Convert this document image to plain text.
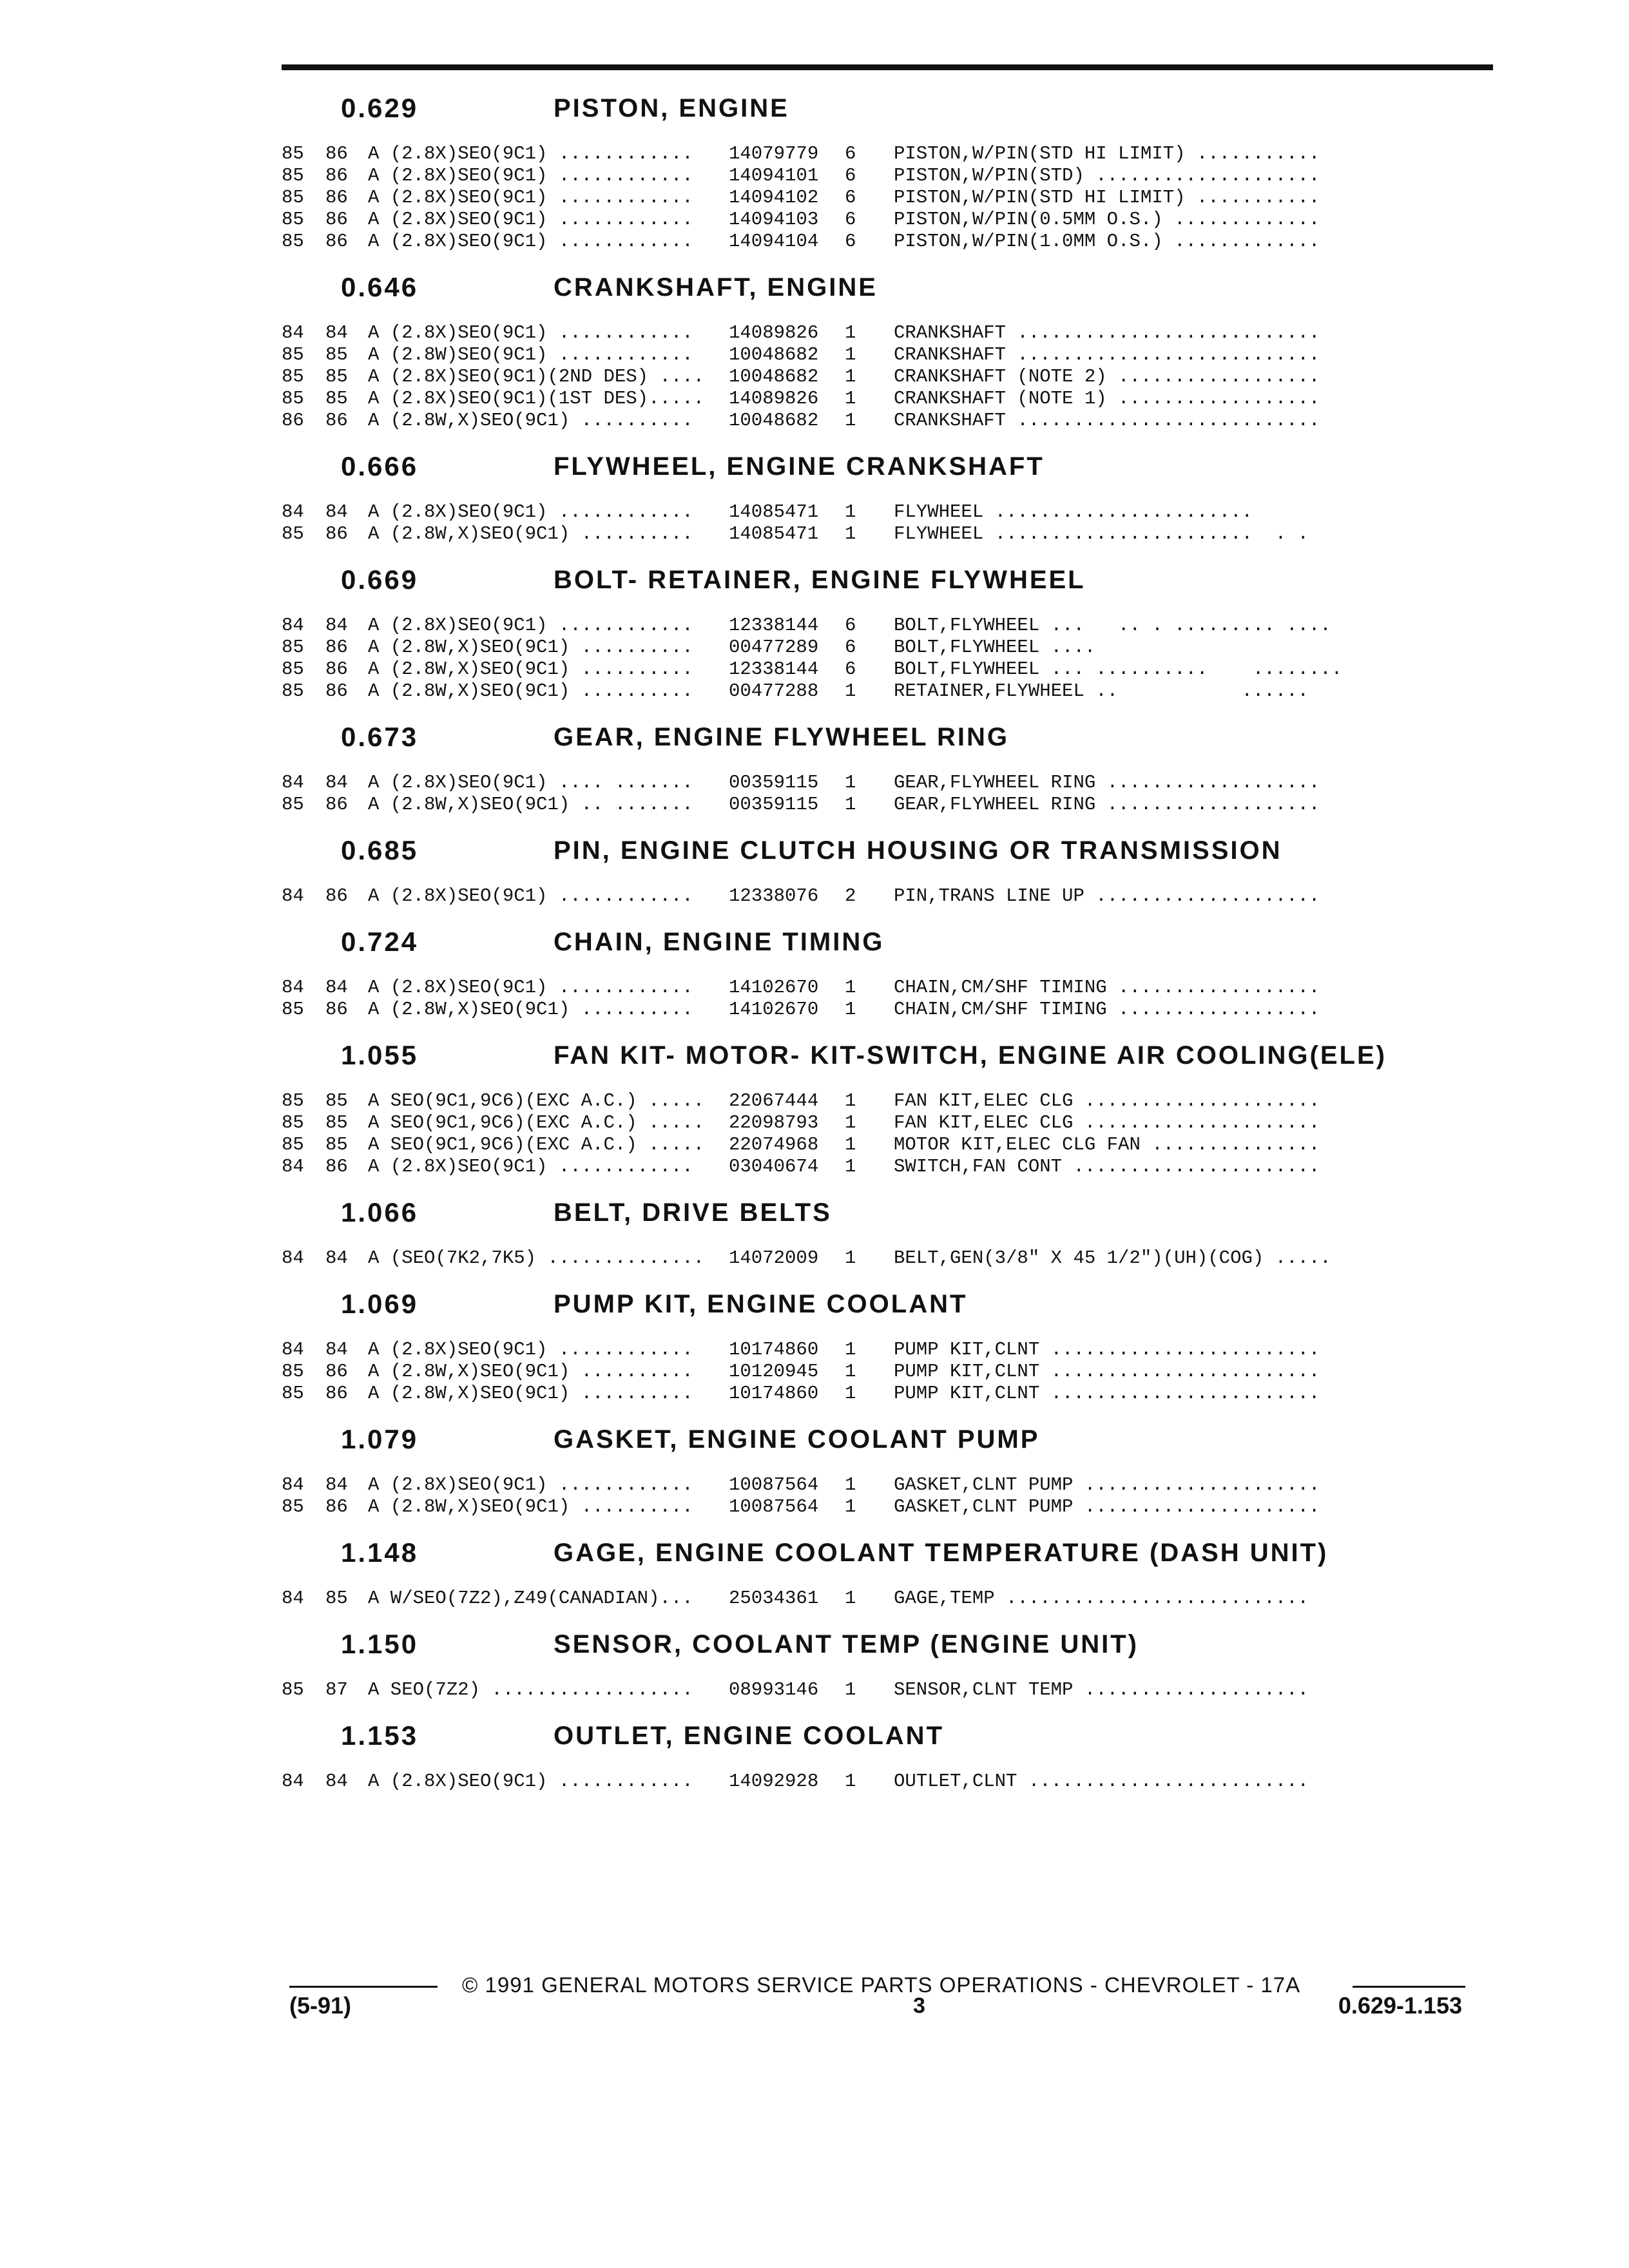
0.629	PISTON, ENGINE
85	86	A (2.8X)SEO(9C1) ............	14079779	6	PISTON,W/PIN(STD HI LIMIT) ...........
85	86	A (2.8X)SEO(9C1) ............	14094101	6	PISTON,W/PIN(STD) ....................
85	86	A (2.8X)SEO(9C1) ............	14094102	6	PISTON,W/PIN(STD HI LIMIT) ...........
85	86	A (2.8X)SEO(9C1) ............	14094103	6	PISTON,W/PIN(0.5MM O.S.) .............
85	86	A (2.8X)SEO(9C1) ............	14094104	6	PISTON,W/PIN(1.0MM O.S.) .............
0.646	CRANKSHAFT, ENGINE
84	84	A (2.8X)SEO(9C1) ............	14089826	1	CRANKSHAFT ...........................
85	85	A (2.8W)SEO(9C1) ............	10048682	1	CRANKSHAFT ...........................
85	85	A (2.8X)SEO(9C1)(2ND DES) ....	10048682	1	CRANKSHAFT (NOTE 2) ..................
85	85	A (2.8X)SEO(9C1)(1ST DES).....	14089826	1	CRANKSHAFT (NOTE 1) ..................
86	86	A (2.8W,X)SEO(9C1) ..........	10048682	1	CRANKSHAFT ...........................
0.666	FLYWHEEL, ENGINE CRANKSHAFT
84	84	A (2.8X)SEO(9C1) ............	14085471	1	FLYWHEEL .......................
85	86	A (2.8W,X)SEO(9C1) ..........	14085471	1	FLYWHEEL .......................  . .
0.669	BOLT- RETAINER, ENGINE FLYWHEEL
84	84	A (2.8X)SEO(9C1) ............	12338144	6	BOLT,FLYWHEEL ...   .. . ......... ....
85	86	A (2.8W,X)SEO(9C1) ..........	00477289	6	BOLT,FLYWHEEL ....
85	86	A (2.8W,X)SEO(9C1) ..........	12338144	6	BOLT,FLYWHEEL ... ..........    ........
85	86	A (2.8W,X)SEO(9C1) ..........	00477288	1	RETAINER,FLYWHEEL ..           ......
0.673	GEAR, ENGINE FLYWHEEL RING
84	84	A (2.8X)SEO(9C1) .... .......	00359115	1	GEAR,FLYWHEEL RING ...................
85	86	A (2.8W,X)SEO(9C1) .. .......	00359115	1	GEAR,FLYWHEEL RING ...................
0.685	PIN, ENGINE CLUTCH HOUSING OR TRANSMISSION
84	86	A (2.8X)SEO(9C1) ............	12338076	2	PIN,TRANS LINE UP ....................
0.724	CHAIN, ENGINE TIMING
84	84	A (2.8X)SEO(9C1) ............	14102670	1	CHAIN,CM/SHF TIMING ..................
85	86	A (2.8W,X)SEO(9C1) ..........	14102670	1	CHAIN,CM/SHF TIMING ..................
1.055	FAN KIT- MOTOR- KIT-SWITCH, ENGINE AIR COOLING(ELE)
85	85	A SEO(9C1,9C6)(EXC A.C.) .....	22067444	1	FAN KIT,ELEC CLG .....................
85	85	A SEO(9C1,9C6)(EXC A.C.) .....	22098793	1	FAN KIT,ELEC CLG .....................
85	85	A SEO(9C1,9C6)(EXC A.C.) .....	22074968	1	MOTOR KIT,ELEC CLG FAN ...............
84	86	A (2.8X)SEO(9C1) ............	03040674	1	SWITCH,FAN CONT ......................
1.066	BELT, DRIVE BELTS
84	84	A (SEO(7K2,7K5) ..............	14072009	1	BELT,GEN(3/8" X 45 1/2")(UH)(COG) .....
1.069	PUMP KIT, ENGINE COOLANT
84	84	A (2.8X)SEO(9C1) ............	10174860	1	PUMP KIT,CLNT ........................
85	86	A (2.8W,X)SEO(9C1) ..........	10120945	1	PUMP KIT,CLNT ........................
85	86	A (2.8W,X)SEO(9C1) ..........	10174860	1	PUMP KIT,CLNT ........................
1.079	GASKET, ENGINE COOLANT PUMP
84	84	A (2.8X)SEO(9C1) ............	10087564	1	GASKET,CLNT PUMP .....................
85	86	A (2.8W,X)SEO(9C1) ..........	10087564	1	GASKET,CLNT PUMP .....................
1.148	GAGE, ENGINE COOLANT TEMPERATURE (DASH UNIT)
84	85	A W/SEO(7Z2),Z49(CANADIAN)...	25034361	1	GAGE,TEMP ...........................
1.150	SENSOR, COOLANT TEMP (ENGINE UNIT)
85	87	A SEO(7Z2) ..................	08993146	1	SENSOR,CLNT TEMP ....................
1.153	OUTLET, ENGINE COOLANT
84	84	A (2.8X)SEO(9C1) ............	14092928	1	OUTLET,CLNT .........................
© 1991 GENERAL MOTORS SERVICE PARTS OPERATIONS - CHEVROLET - 17A
(5-91)	3	0.629-1.153
